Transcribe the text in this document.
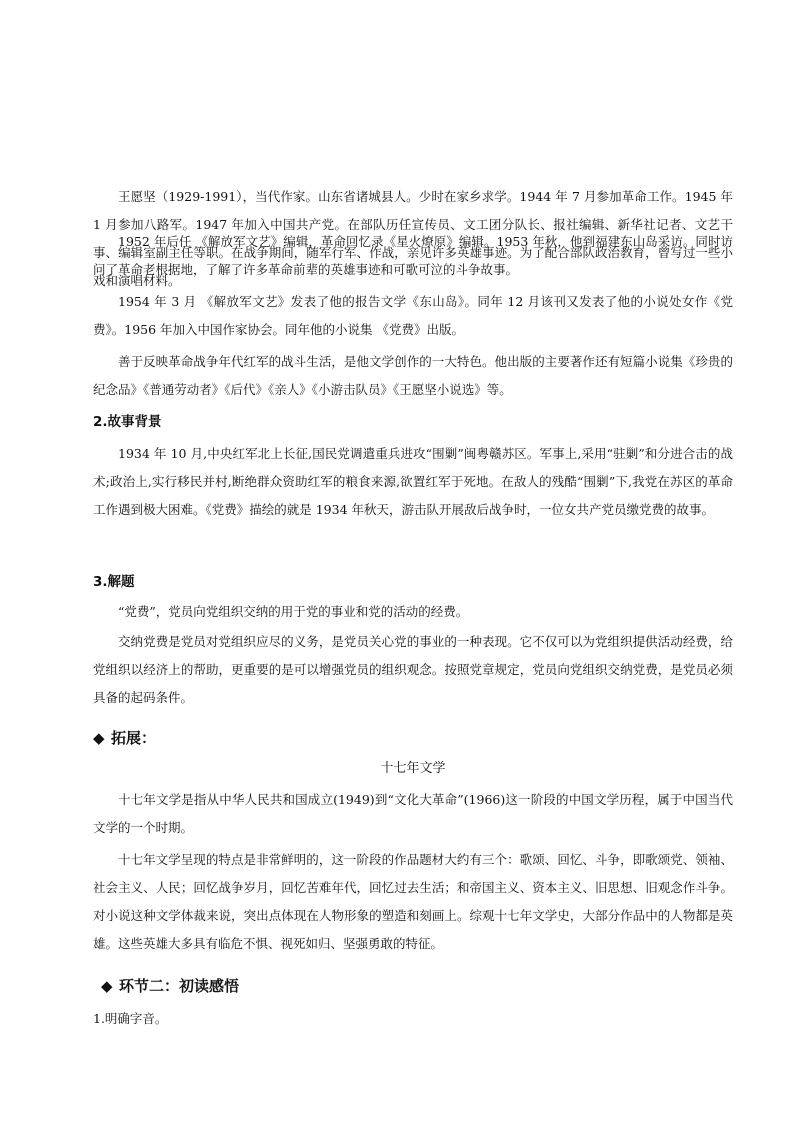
王愿坚（1929-1991），当代作家。山东省诸城县人。少时在家乡求学。1944 年 7 月参加革命工作。1945 年 1 月参加八路军。1947 年加入中国共产党。在部队历任宣传员、文工团分队长、报社编辑、新华社记者、文艺干事、编辑室副主任等职。在战争期间，随军行军、作战，亲见许多英雄事迹。为了配合部队政治教育，曾写过一些小戏和演唱材料。
1952 年后任 《解放军文艺》编辑，革命回忆录《星火燎原》编辑。1953 年秋，他到福建东山岛采访。同时访问了革命老根据地，了解了许多革命前辈的英雄事迹和可歌可泣的斗争故事。
1954 年 3 月 《解放军文艺》发表了他的报告文学《东山岛》。同年 12 月该刊又发表了他的小说处女作《党费》。1956 年加入中国作家协会。同年他的小说集 《党费》出版。
善于反映革命战争年代红军的战斗生活，是他文学创作的一大特色。他出版的主要著作还有短篇小说集《珍贵的纪念品》《普通劳动者》《后代》《亲人》《小游击队员》《王愿坚小说选》等。
2.故事背景
1934 年 10 月,中央红军北上长征,国民党调遣重兵进攻“围剿”闽粤赣苏区。军事上,采用“驻剿”和分进合击的战术;政治上,实行移民并村,断绝群众资助红军的粮食来源,欲置红军于死地。在敌人的残酷“围剿”下,我党在苏区的革命工作遇到极大困难。《党费》描绘的就是 1934 年秋天，游击队开展敌后战争时，一位女共产党员缴党费的故事。
3.解题
“党费”，党员向党组织交纳的用于党的事业和党的活动的经费。
交纳党费是党员对党组织应尽的义务，是党员关心党的事业的一种表现。它不仅可以为党组织提供活动经费，给党组织以经济上的帮助，更重要的是可以增强党员的组织观念。按照党章规定，党员向党组织交纳党费，是党员必须具备的起码条件。
◆ 拓展：
十七年文学
十七年文学是指从中华人民共和国成立(1949)到“文化大革命”(1966)这一阶段的中国文学历程，属于中国当代文学的一个时期。
十七年文学呈现的特点是非常鲜明的，这一阶段的作品题材大约有三个：歌颂、回忆、斗争，即歌颂党、领袖、社会主义、人民；回忆战争岁月，回忆苦难年代，回忆过去生活；和帝国主义、资本主义、旧思想、旧观念作斗争。对小说这种文学体裁来说，突出点体现在人物形象的塑造和刻画上。综观十七年文学史，大部分作品中的人物都是英雄。这些英雄大多具有临危不惧、视死如归、坚强勇敢的特征。
◆ 环节二：初读感悟
1.明确字音。
